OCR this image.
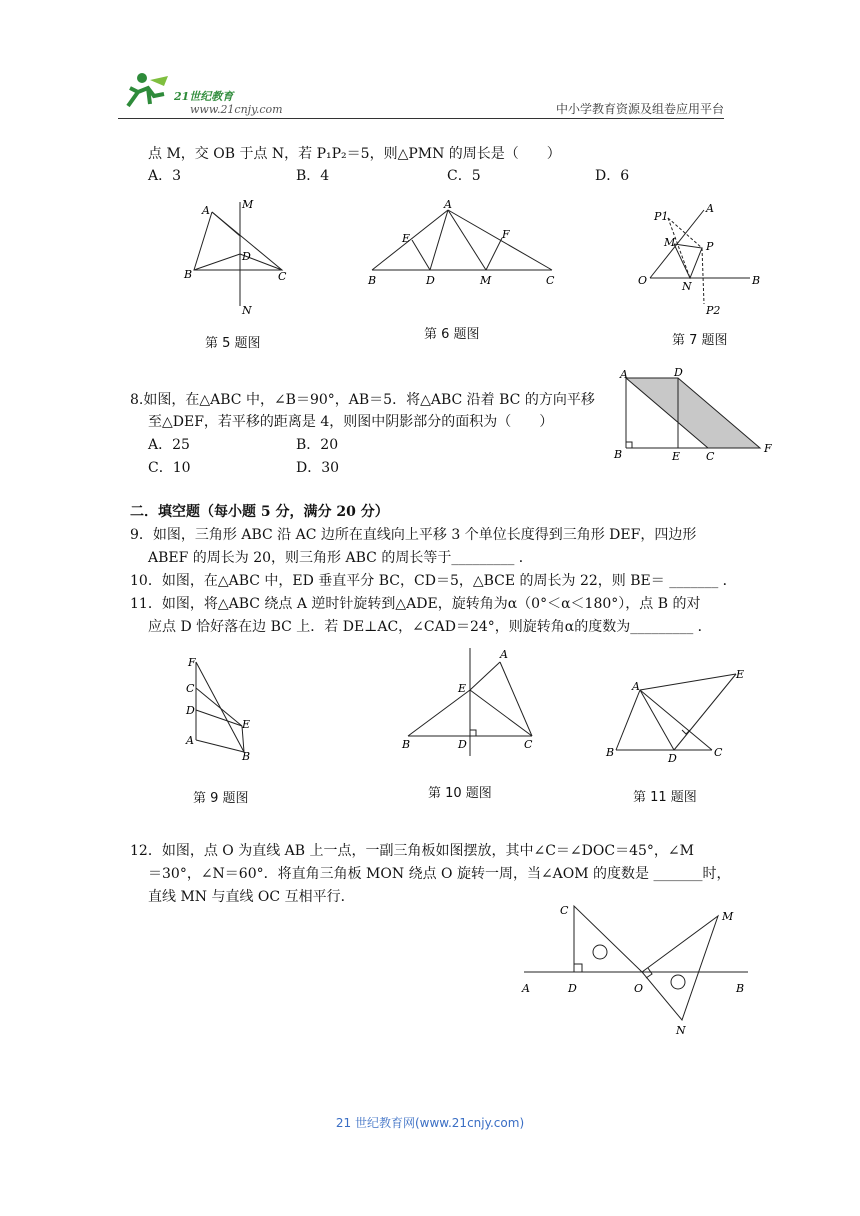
21世纪教育
www.21cnjy.com	中小学教育资源及组卷应用平台
点 M，交 OB 于点 N，若 P₁P₂＝5，则△PMN 的周长是（　　）
A．3	B．4	C．5	D．6
A	M
D
B	C
N
A
E	F
B	D	M	C
P1
A
M	P
O	N	B
P2
第 5 题图
第 6 题图	第 7 题图
8.如图，在△ABC 中，∠B＝90°，AB＝5．将△ABC 沿着 BC 的方向平移
至△DEF，若平移的距离是 4，则图中阴影部分的面积为（　　）
A．25	B．20
C．10	D．30
A	D
B	E C
F
二．填空题（每小题 5 分，满分 20 分）
9．如图，三角形 ABC 沿 AC 边所在直线向上平移 3 个单位长度得到三角形 DEF，四边形
ABEF 的周长为 20，则三角形 ABC 的周长等于_________ ．
10．如图，在△ABC 中，ED 垂直平分 BC，CD＝5，△BCE 的周长为 22，则 BE＝ _______ ．
11．如图，将△ABC 绕点 A 逆时针旋转到△ADE，旋转角为α（0°＜α＜180°），点 B 的对
应点 D 恰好落在边 BC 上．若 DE⊥AC，∠CAD＝24°，则旋转角α的度数为_________ ．
F
C
D
A
E
B
A
E
B	D	C
A
E
B	D	C
第 9 题图	第 10 题图	第 11 题图
12．如图，点 O 为直线 AB 上一点，一副三角板如图摆放，其中∠C＝∠DOC＝45°，∠M
＝30°，∠N＝60°．将直角三角板 MON 绕点 O 旋转一周，当∠AOM 的度数是 _______时，
直线 MN 与直线 OC 互相平行．
C	M
A	D	O	B
N
21 世纪教育网(www.21cnjy.com)
